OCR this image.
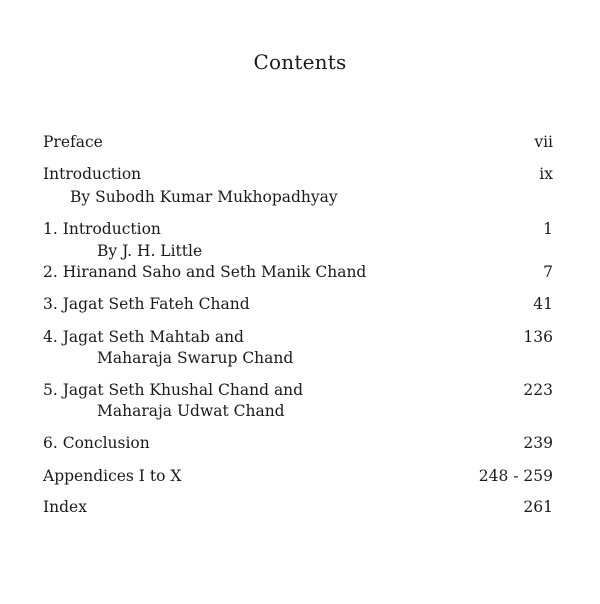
Contents
Preface	vii
Introduction	ix
By Subodh Kumar Mukhopadhyay
1. Introduction	1
By J. H. Little
2. Hiranand Saho and Seth Manik Chand	7
3. Jagat Seth Fateh Chand	41
4. Jagat Seth Mahtab and	136
Maharaja Swarup Chand
5. Jagat Seth Khushal Chand and	223
Maharaja Udwat Chand
6. Conclusion	239
Appendices I to X	248 - 259
Index	261
